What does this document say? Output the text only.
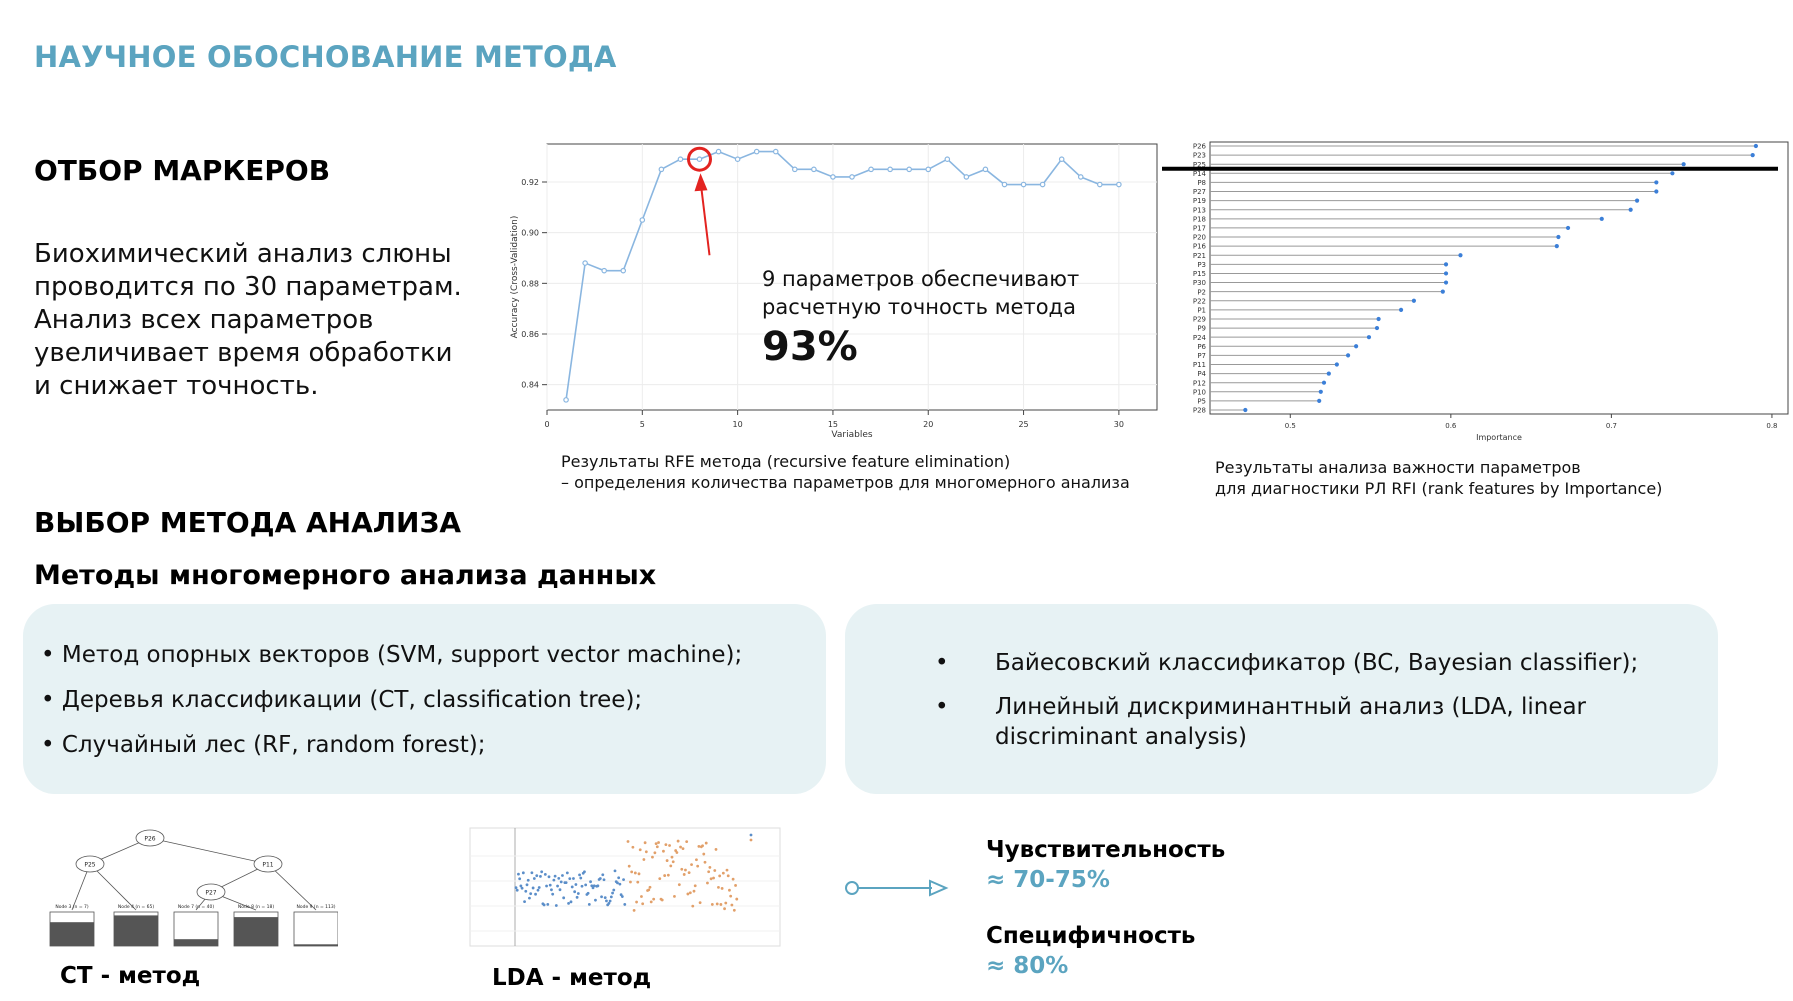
НАУЧНОЕ ОБОСНОВАНИЕ МЕТОДА
ОТБОР МАРКЕРОВ
Биохимический анализ слюны
проводится по 30 параметрам.
Анализ всех параметров
увеличивает время обработки
и снижает точность.
0	5	10	15	20	25	30
0.84
0.86
0.88
0.90
0.92
Variables
Accuracy (Cross-Validation)	9 параметров обеспечивают
расчетную точность метода
93%
Результаты RFE метода (recursive feature elimination)
– определения количества параметров для многомерного анализа
P26
P23
P25
P14
P8
P27
P19
P13
P18
P17
P20
P16
P21
P3
P15
P30
P2
P22
P1
P29
P9
P24
P6
P7
P11
P4
P12
P10
P5
P28
0.5	0.6	0.7	0.8
Importance
Результаты анализа важности параметров
для диагностики РЛ RFI (rank features by Importance)
ВЫБОР МЕТОДА АНАЛИЗА
Методы многомерного анализа данных
• Метод опорных векторов (SVM, support vector machine);
• Деревья классификации (CT, classification tree);
• Случайный лес (RF, random forest);
•	Байесовский классификатор (BC, Bayesian classifier);
•	Линейный дискриминантный анализ (LDA, linear discriminant analysis)
P26
P25	P11
P27
Node 3 (n = 7)	Node 4 (n = 65)	Node 7 (n = 40)	Node 8 (n = 18)	Node 9 (n = 113)
CT - метод	LDA - метод
Чувствительность
≈ 70-75%
Специфичность
≈ 80%
